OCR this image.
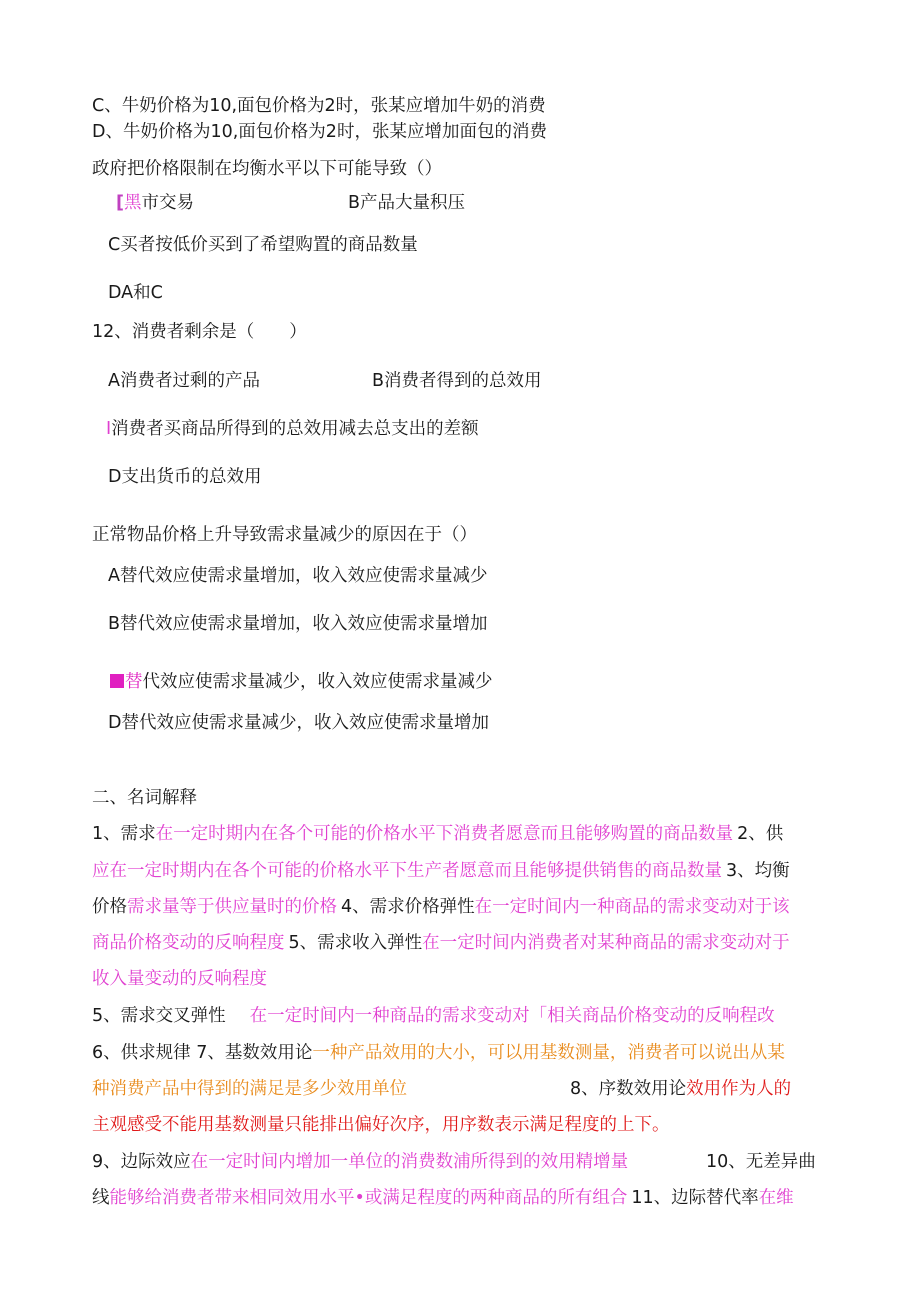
C、牛奶价格为10,面包价格为2时，张某应增加牛奶的消费
D、牛奶价格为10,面包价格为2时，张某应增加面包的消费
政府把价格限制在均衡水平以下可能导致（）
[黑市交易	B产品大量积压
C买者按低价买到了希望购置的商品数量
DA和C
12、消费者剩余是（　　）
A消费者过剩的产品	B消费者得到的总效用
I消费者买商品所得到的总效用减去总支出的差额
D支出货币的总效用
正常物品价格上升导致需求量减少的原因在于（）
A替代效应使需求量增加，收入效应使需求量减少
B替代效应使需求量增加，收入效应使需求量增加
替代效应使需求量减少，收入效应使需求量减少
D替代效应使需求量减少，收入效应使需求量增加
二、名词解释
1、需求在一定时期内在各个可能的价格水平下消费者愿意而且能够购置的商品数量 2、供
应在一定时期内在各个可能的价格水平下生产者愿意而且能够提供销售的商品数量 3、均衡
价格需求量等于供应量时的价格 4、需求价格弹性在一定时间内一种商品的需求变动对于该
商品价格变动的反响程度 5、需求收入弹性在一定时间内消费者对某种商品的需求变动对于
收入量变动的反响程度
5、需求交叉弹性 在一定时间内一种商品的需求变动对「相关商品价格变动的反响程改
6、供求规律 7、基数效用论一种产品效用的大小，可以用基数测量，消费者可以说出从某
种消费产品中得到的满足是多少效用单位	8、序数效用论效用作为人的
主观感受不能用基数测量只能排出偏好次序，用序数表示满足程度的上下。
9、边际效应在一定时间内增加一单位的消费数浦所得到的效用精增量	10、无差异曲
线能够给消费者带来相同效用水平•或满足程度的两种商品的所有组合 11、边际替代率在维
